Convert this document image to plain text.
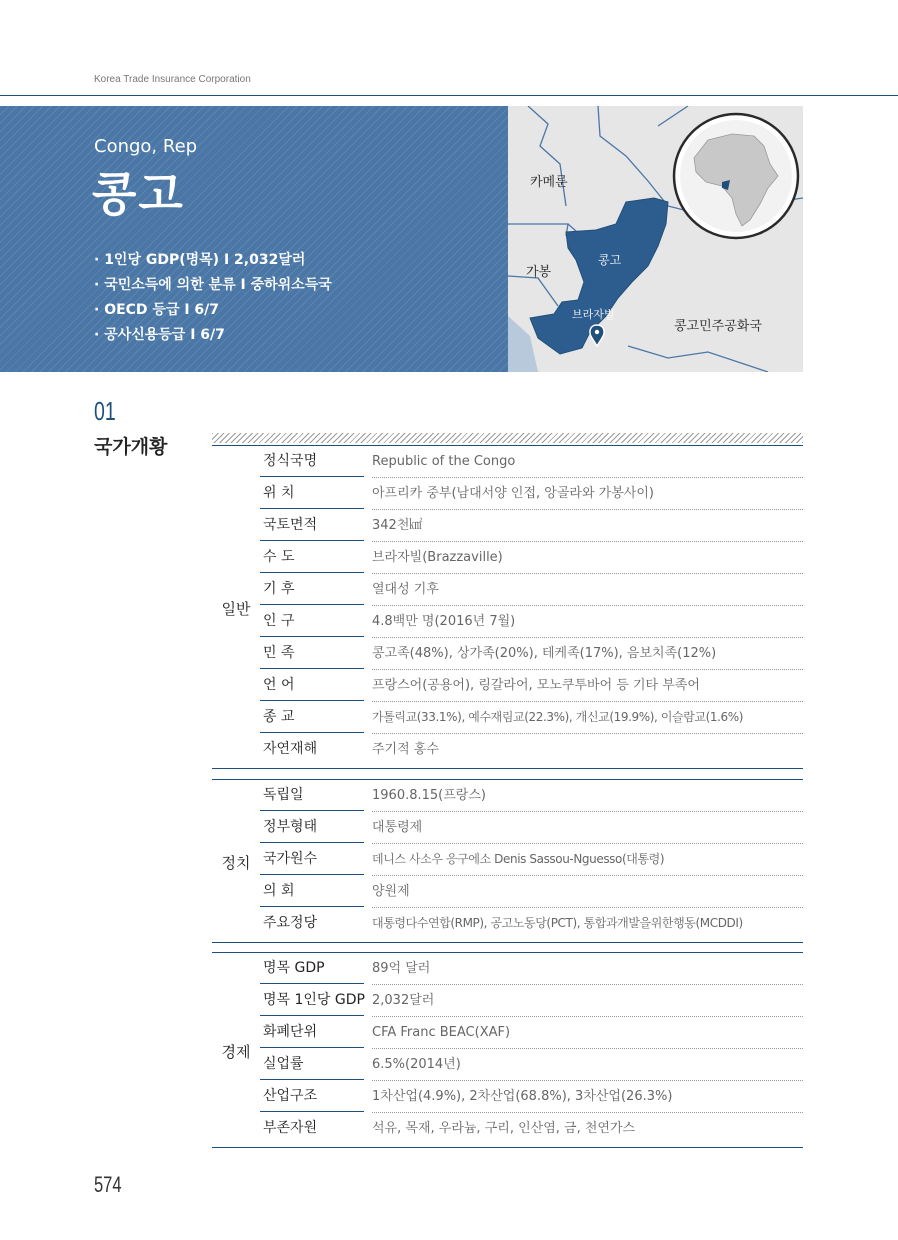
Korea Trade Insurance Corporation
Congo, Rep
콩고
· 1인당 GDP(명목) I 2,032달러
· 국민소득에 의한 분류 I 중하위소득국
· OECD 등급 I 6/7
· 공사신용등급 I 6/7
카메룬
콩고
가봉
브라자빌
콩고민주공화국
01
국가개황
일반
정식국명	Republic of the Congo
위 치	아프리카 중부(남대서양 인접, 앙골라와 가봉사이)
국토면적	342천㎢
수 도	브라자빌(Brazzaville)
기 후	열대성 기후
인 구	4.8백만 명(2016년 7월)
민 족	콩고족(48%), 상가족(20%), 테케족(17%), 음보치족(12%)
언 어	프랑스어(공용어), 링갈라어, 모노쿠투바어 등 기타 부족어
종 교	가톨릭교(33.1%), 예수재림교(22.3%), 개신교(19.9%), 이슬람교(1.6%)
자연재해	주기적 홍수
정치
독립일	1960.8.15(프랑스)
정부형태	대통령제
국가원수	데니스 사소우 응구에소 Denis Sassou-Nguesso(대통령)
의 회	양원제
주요정당	대통령다수연합(RMP), 공고노동당(PCT), 통합과개발을위한행동(MCDDI)
경제
명목 GDP	89억 달러
명목 1인당 GDP 2,032달러
화폐단위	CFA Franc BEAC(XAF)
실업률	6.5%(2014년)
산업구조	1차산업(4.9%), 2차산업(68.8%), 3차산업(26.3%)
부존자원	석유, 목재, 우라늄, 구리, 인산염, 금, 천연가스
574
